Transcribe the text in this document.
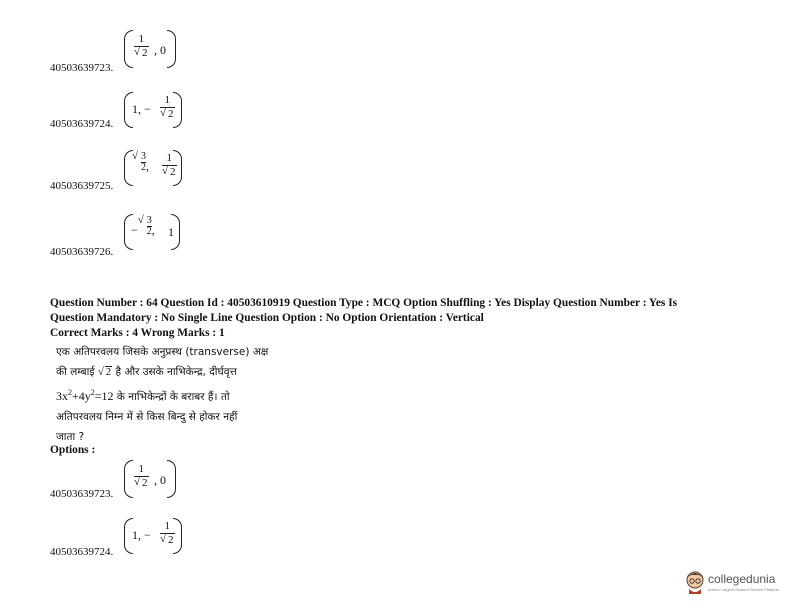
1
√ 2 , 0
40503639723.
1, − 1
√ 2
40503639724.
√ $\frac{3}{2}$ , 1
√ 2
40503639725.
− √ $\frac{3}{2}$ , 1
40503639726.
Question Number : 64 Question Id : 40503610919 Question Type : MCQ Option Shuffling : Yes Display Question Number : Yes Is
Question Mandatory : No Single Line Question Option : No Option Orientation : Vertical
Correct Marks : 4 Wrong Marks : 1
एक अतिपरवलय जिसके अनुप्रस्थ (transverse) अक्ष
की लम्बाई √ 2 है और उसके नाभिकेन्द्र, दीर्घवृत्त
$3x^2+4y^2=12$ के नाभिकेन्द्रों के बराबर हैं। तो
अतिपरवलय निम्न में से किस बिन्दु से होकर नहीं
जाता ?
Options :
1
√ 2 , 0
40503639723.
1, − 1
√ 2
40503639724.
collegedunia
India's Largest Student Review Platform
